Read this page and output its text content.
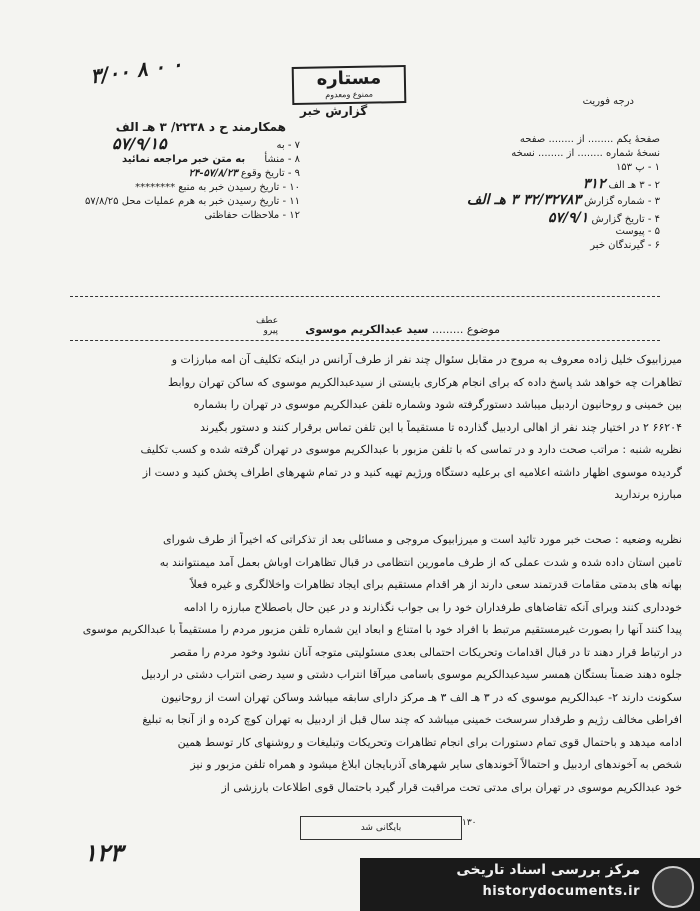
۳/۰۰ ۸ ۰ ۰	مستاره
ممنوع ومعدوم
درجه فوریت
گزارش خبر
همکارمند ح د ۲۲۳۸/ ۳ هـ الف
۵۷/۹/۱۵	۷ - به
۸ - منشأ به متن خبر مراجعه نمائید
۹ - تاریخ وقوع ۵۷/۸/۲۳-۲۴
۱۰ - تاریخ رسیدن خبر به منبع ********
۱۱ - تاریخ رسیدن خبر به هرم عملیات محل ۵۷/۸/۲۵
۱۲ - ملاحظات حفاظتی
صفحهٔ یکم ........ از ........ صفحه
نسخهٔ شماره ........ از ........ نسخه
۱ - پ ۱۵۳
۲ - ۳ هـ الف ۳۱۲
۳ - شماره گزارش ۳۲/۳۲۷۸۳ ۳ هـ الف
۴ - تاریخ گزارش ۵۷/۹/۱
۵ - پیوست
۶ - گیرندگان خبر
عطف
پیرو	موضوع ......... سید عبدالکریم موسوی
میرزابیوک خلیل زاده معروف به مروج در مقابل سئوال چند نفر از طرف آرانس در اینکه تکلیف آن امه مبارزات و
تظاهرات چه خواهد شد پاسخ داده که برای انجام هرکاری بایستی از سیدعبدالکریم موسوی که ساکن تهران روابط
بین خمینی و روحانیون اردبیل میباشد دستورگرفته شود وشماره تلفن عبدالکریم موسوی در تهران را بشماره
۶۶۲۰۴ ۲ در اختیار چند نفر از اهالی اردبیل گذارده تا مستقیماً با این تلفن تماس برقرار کنند و دستور بگیرند
نظریه شنبه : مراتب صحت دارد و در تماسی که با تلفن مزبور با عبدالکریم موسوی در تهران گرفته شده و کسب تکلیف
گردیده موسوی اظهار داشته اعلامیه ای برعلیه دستگاه ورژیم تهیه کنید و در تمام شهرهای اطراف پخش کنید و دست از
مبارزه برندارید
نظریه وضعیه : صحت خبر مورد تائید است و میرزابیوک مروجی و مسائلی بعد از تذکراتی که اخیراً از طرف شورای
تامین استان داده شده و شدت عملی که از طرف مامورین انتظامی در قبال تظاهرات اوباش بعمل آمد میمنتوانند به
بهانه های بدمتی مقامات قدرتمند سعی دارند از هر اقدام مستقیم برای ایجاد تظاهرات واخلالگری و غیره فعلاً
خودداری کنند وبرای آنکه تقاضاهای طرفداران خود را بی جواب نگذارند و در عین حال باصطلاح مبارزه را ادامه
پیدا کنند آنها را بصورت غیرمستقیم مرتبط با افراد خود با امتناع و ابعاد این شماره تلفن مزبور مردم را مستقیماً با عبدالکریم موسوی
در ارتباط قرار دهند تا در قبال اقدامات وتحریکات احتمالی بعدی مسئولیتی متوجه آنان نشود وخود مردم را مقصر
جلوه دهند ضمناً بستگان همسر سیدعبدالکریم موسوی باسامی میرآقا انتراب دشتی و سید رضی انتراب دشتی در اردبیل
سکونت دارند ۲- عبدالکریم موسوی که در ۳ هـ الف ۳ هـ مرکز دارای سابقه میباشد وساکن تهران است از روحانیون
افراطی مخالف رژیم و طرفدار سرسخت خمینی میباشد که چند سال قبل از اردبیل به تهران کوچ کرده و از آنجا به تبلیغ
ادامه میدهد و باحتمال قوی تمام دستورات برای انجام تظاهرات وتحریکات وتبلیغات و روشنهای کار توسط همین
شخص به آخوندهای اردبیل و احتمالاً آخوندهای سایر شهرهای آذربایجان ابلاغ میشود و همراه تلفن مزبور و نیز
خود عبدالکریم موسوی در تهران برای مدتی تحت مراقبت قرار گیرد باحتمال قوی اطلاعات بارزشی از
بایگانی شد	۱۳۰
۱۲۳
مرکز بررسی اسناد تاریخی
historydocuments.ir
